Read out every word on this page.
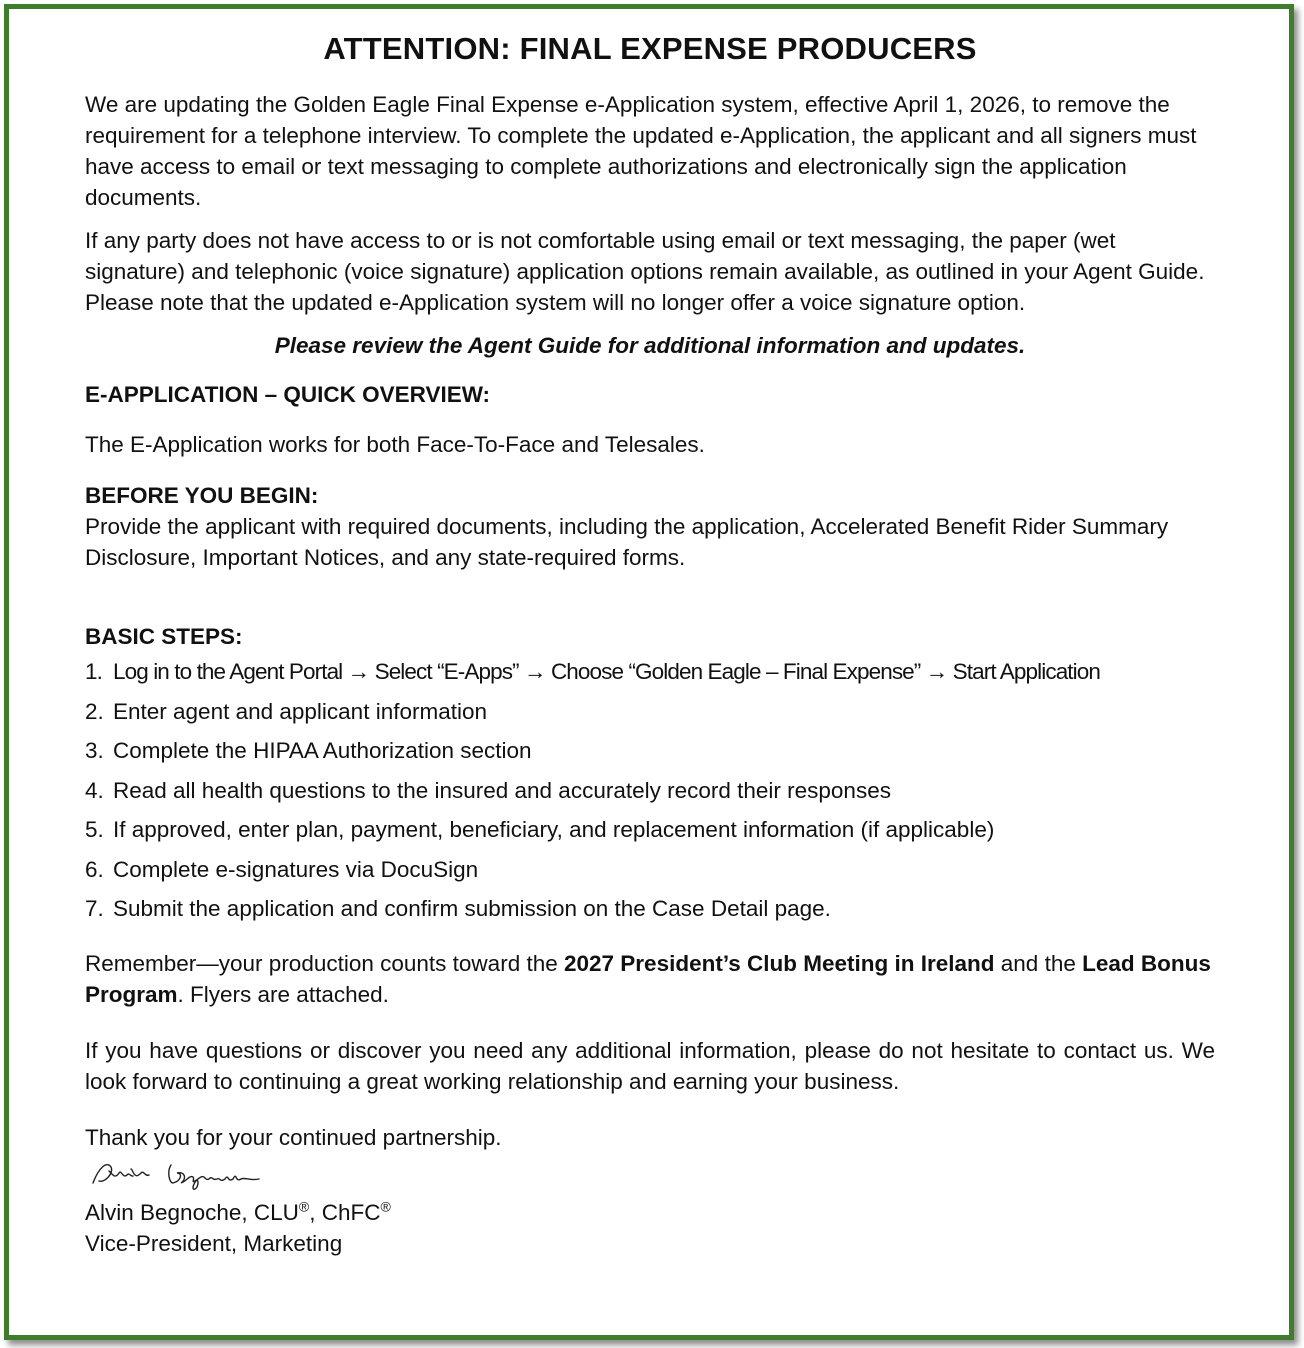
ATTENTION: FINAL EXPENSE PRODUCERS

We are updating the Golden Eagle Final Expense e-Application system, effective April 1, 2026, to remove the requirement for a telephone interview. To complete the updated e-Application, the applicant and all signers must have access to email or text messaging to complete authorizations and electronically sign the application documents.

If any party does not have access to or is not comfortable using email or text messaging, the paper (wet signature) and telephonic (voice signature) application options remain available, as outlined in your Agent Guide. Please note that the updated e-Application system will no longer offer a voice signature option.

Please review the Agent Guide for additional information and updates.

E-APPLICATION – QUICK OVERVIEW:

The E-Application works for both Face-To-Face and Telesales.

BEFORE YOU BEGIN:

Provide the applicant with required documents, including the application, Accelerated Benefit Rider Summary Disclosure, Important Notices, and any state-required forms.

BASIC STEPS:
1. Log in to the Agent Portal → Select “E-Apps” → Choose “Golden Eagle – Final Expense” → Start Application
2. Enter agent and applicant information
3. Complete the HIPAA Authorization section
4. Read all health questions to the insured and accurately record their responses
5. If approved, enter plan, payment, beneficiary, and replacement information (if applicable)
6. Complete e-signatures via DocuSign
7. Submit the application and confirm submission on the Case Detail page.

Remember—your production counts toward the 2027 President’s Club Meeting in Ireland and the Lead Bonus Program. Flyers are attached.

If you have questions or discover you need any additional information, please do not hesitate to contact us. We look forward to continuing a great working relationship and earning your business.

Thank you for your continued partnership.

Alvin Begnoche, CLU®, ChFC®

Vice-President, Marketing
